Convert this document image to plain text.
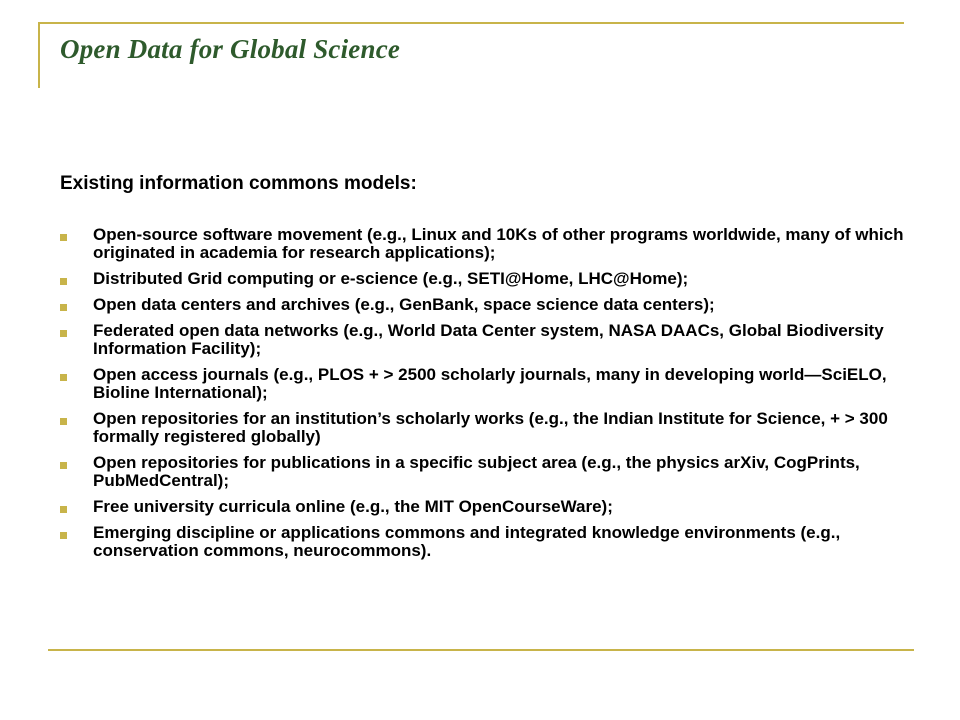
Open Data for Global Science
Existing information commons models:
Open-source software movement (e.g., Linux and 10Ks of other programs worldwide, many of which originated in academia for research applications);
Distributed Grid computing or e-science (e.g., SETI@Home, LHC@Home);
Open data centers and archives (e.g., GenBank, space science data centers);
Federated open data networks (e.g., World Data Center system, NASA DAACs, Global Biodiversity Information Facility);
Open access journals (e.g., PLOS + > 2500 scholarly journals, many in developing world—SciELO, Bioline International);
Open repositories for an institution’s scholarly works (e.g., the Indian Institute for Science, + > 300 formally registered globally)
Open repositories for publications in a specific subject area (e.g., the physics arXiv, CogPrints, PubMedCentral);
Free university curricula online (e.g., the MIT OpenCourseWare);
Emerging discipline or applications commons and integrated knowledge environments (e.g., conservation commons, neurocommons).
